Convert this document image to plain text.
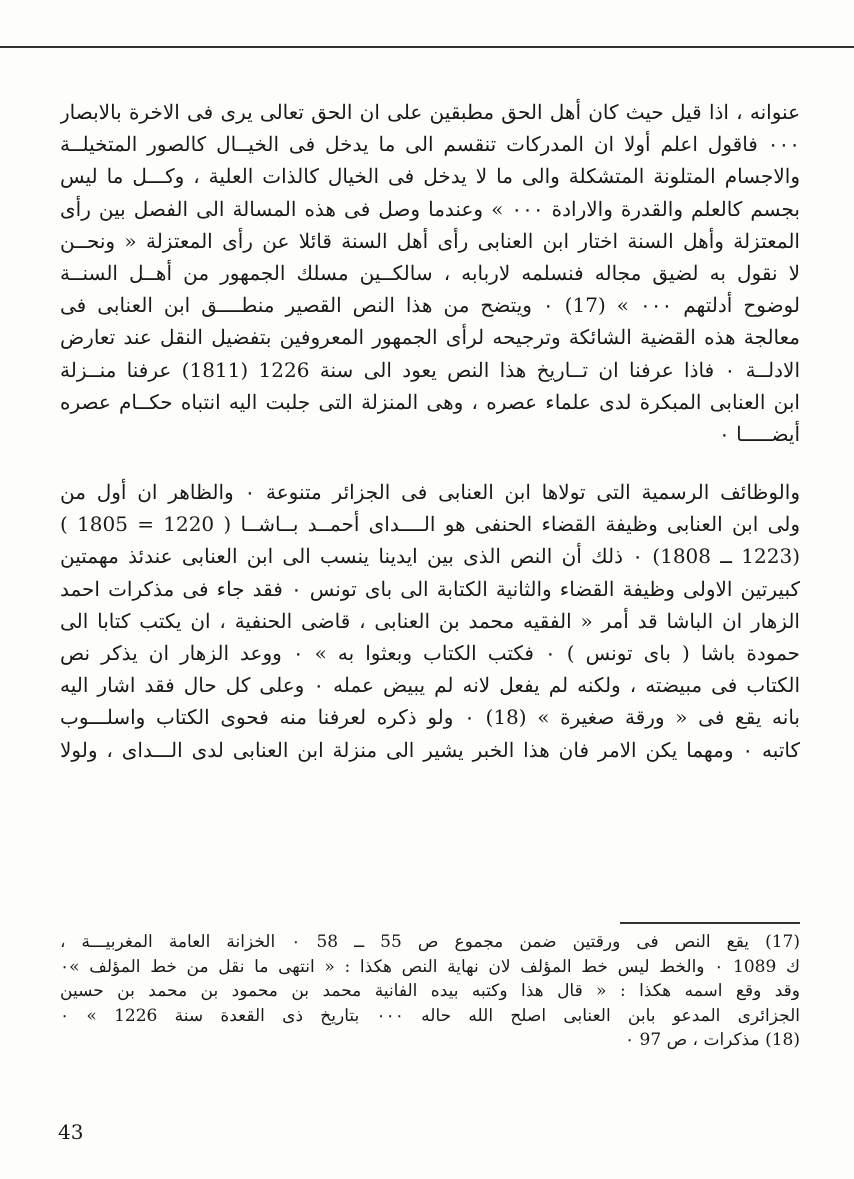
عنوانه ، اذا قيل حيث كان أهل الحق مطبقين على ان الحق تعالى يرى فى الاخرة بالابصار
٠٠٠ فاقول اعلم أولا ان المدركات تنقسم الى ما يدخل فى الخيــال كالصور المتخيلــة
والاجسام المتلونة المتشكلة والى ما لا يدخل فى الخيال كالذات العلية ، وكـــل ما ليس
بجسم كالعلم والقدرة والارادة ٠٠٠ » وعندما وصل فى هذه المسالة الى الفصل بين رأى
المعتزلة وأهل السنة اختار ابن العنابى رأى أهل السنة قائلا عن رأى المعتزلة « ونحــن
لا نقول به لضيق مجاله فنسلمه لاربابه ، سالكــين مسلك الجمهور من أهــل السنــة
لوضوح أدلتهم ٠٠٠ » (17) ٠ ويتضح من هذا النص القصير منطــــق ابن العنابى فى
معالجة هذه القضية الشائكة وترجيحه لرأى الجمهور المعروفين بتفضيل النقل عند تعارض
الادلــة ٠ فاذا عرفنا ان تــاريخ هذا النص يعود الى سنة 1226 (1811) عرفنا منــزلة
ابن العنابى المبكرة لدى علماء عصره ، وهى المنزلة التى جلبت اليه انتباه حكــام عصره
أيضـــــا ٠
والوظائف الرسمية التى تولاها ابن العنابى فى الجزائر متنوعة ٠ والظاهر ان أول من
ولى ابن العنابى وظيفة القضاء الحنفى هو الــــداى أحمــد بــاشــا ( 1220 = 1805 )
(1223 ــ 1808) ٠ ذلك أن النص الذى بين ايدينا ينسب الى ابن العنابى عندئذ مهمتين
كبيرتين الاولى وظيفة القضاء والثانية الكتابة الى باى تونس ٠ فقد جاء فى مذكرات احمد
الزهار ان الباشا قد أمر « الفقيه محمد بن العنابى ، قاضى الحنفية ، ان يكتب كتابا الى
حمودة باشا ( باى تونس ) ٠ فكتب الكتاب وبعثوا به » ٠ ووعد الزهار ان يذكر نص
الكتاب فى مبيضته ، ولكنه لم يفعل لانه لم يبيض عمله ٠ وعلى كل حال فقد اشار اليه
بانه يقع فى « ورقة صغيرة » (18) ٠ ولو ذكره لعرفنا منه فحوى الكتاب واسلـــوب
كاتبه ٠ ومهما يكن الامر فان هذا الخبر يشير الى منزلة ابن العنابى لدى الـــداى ، ولولا
(17) يقع النص فى ورقتين ضمن مجموع ص 55 ــ 58 ٠ الخزانة العامة المغربيـــة ،
ك 1089 ٠ والخط ليس خط المؤلف لان نهاية النص هكذا : « انتهى ما نقل من خط المؤلف »٠
وقد وقع اسمه هكذا : « قال هذا وكتبه بيده الفانية محمد بن محمود بن محمد بن حسين
الجزائرى المدعو بابن العنابى اصلح الله حاله ٠٠٠ بتاريخ ذى القعدة سنة 1226 » ٠
(18) مذكرات ، ص 97 ٠
43
